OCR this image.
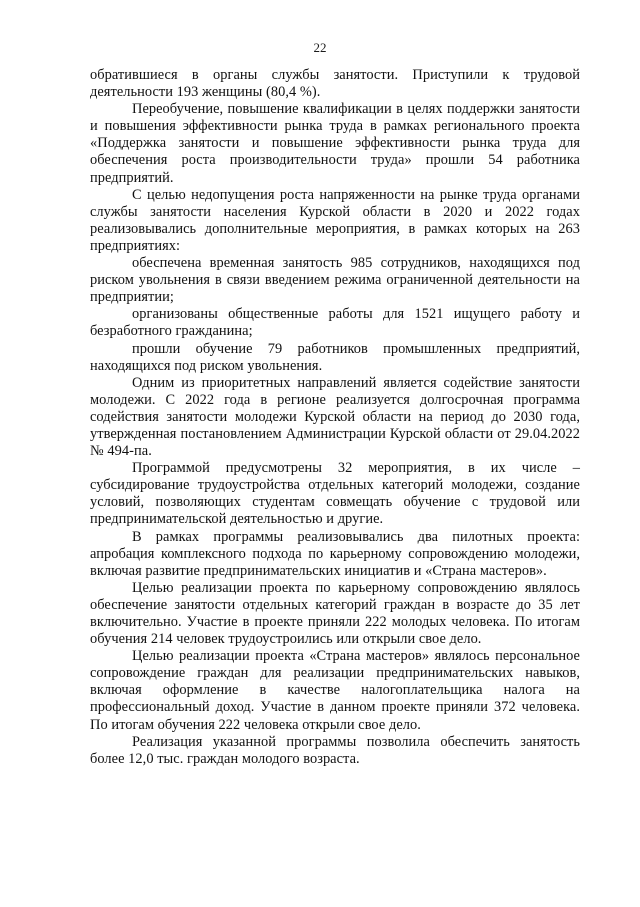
22

обратившиеся в органы службы занятости. Приступили к трудовой деятельности 193 женщины (80,4 %).

Переобучение, повышение квалификации в целях поддержки занятости и повышения эффективности рынка труда в рамках регионального проекта «Поддержка занятости и повышение эффективности рынка труда для обеспечения роста производительности труда» прошли 54 работника предприятий.

С целью недопущения роста напряженности на рынке труда органами службы занятости населения Курской области в 2020 и 2022 годах реализовывались дополнительные мероприятия, в рамках которых на 263 предприятиях:

обеспечена временная занятость 985 сотрудников, находящихся под риском увольнения в связи введением режима ограниченной деятельности на предприятии;

организованы общественные работы для 1521 ищущего работу и безработного гражданина;

прошли обучение 79 работников промышленных предприятий, находящихся под риском увольнения.

Одним из приоритетных направлений является содействие занятости молодежи. С 2022 года в регионе реализуется долгосрочная программа содействия занятости молодежи Курской области на период до 2030 года, утвержденная постановлением Администрации Курской области от 29.04.2022 № 494-па.

Программой предусмотрены 32 мероприятия, в их числе – субсидирование трудоустройства отдельных категорий молодежи, создание условий, позволяющих студентам совмещать обучение с трудовой или предпринимательской деятельностью и другие.

В рамках программы реализовывались два пилотных проекта: апробация комплексного подхода по карьерному сопровождению молодежи, включая развитие предпринимательских инициатив и «Страна мастеров».

Целью реализации проекта по карьерному сопровождению являлось обеспечение занятости отдельных категорий граждан в возрасте до 35 лет включительно. Участие в проекте приняли 222 молодых человека. По итогам обучения 214 человек трудоустроились или открыли свое дело.

Целью реализации проекта «Страна мастеров» являлось персональное сопровождение граждан для реализации предпринимательских навыков, включая оформление в качестве налогоплательщика налога на профессиональный доход. Участие в данном проекте приняли 372 человека. По итогам обучения 222 человека открыли свое дело.

Реализация указанной программы позволила обеспечить занятость более 12,0 тыс. граждан молодого возраста.
